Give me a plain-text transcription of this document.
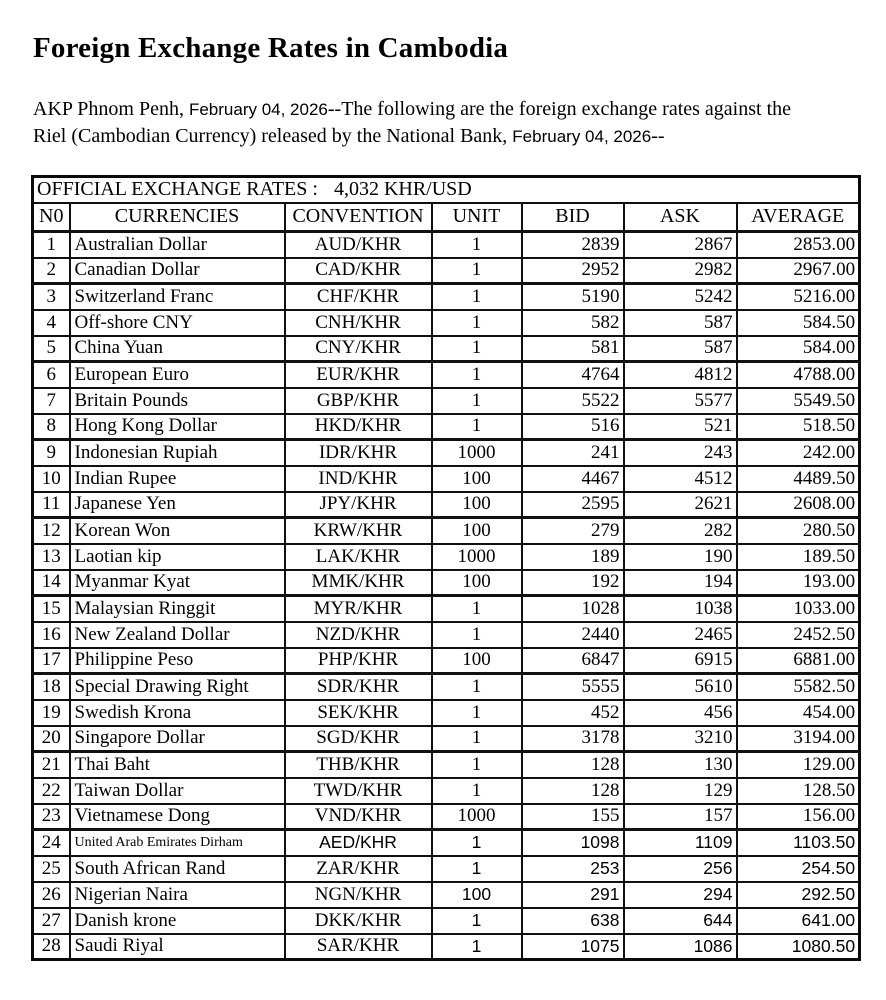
Foreign Exchange Rates in Cambodia

AKP Phnom Penh, February 04, 2026--The following are the foreign exchange rates against the
Riel (Cambodian Currency) released by the National Bank, February 04, 2026--

OFFICIAL EXCHANGE RATES : 4,032 KHR/USD						
N0	CURRENCIES	CONVENTION	UNIT	BID	ASK	AVERAGE
1	Australian Dollar	AUD/KHR	1	2839	2867	2853.00
2	Canadian Dollar	CAD/KHR	1	2952	2982	2967.00
3	Switzerland Franc	CHF/KHR	1	5190	5242	5216.00
4	Off-shore CNY	CNH/KHR	1	582	587	584.50
5	China Yuan	CNY/KHR	1	581	587	584.00
6	European Euro	EUR/KHR	1	4764	4812	4788.00
7	Britain Pounds	GBP/KHR	1	5522	5577	5549.50
8	Hong Kong Dollar	HKD/KHR	1	516	521	518.50
9	Indonesian Rupiah	IDR/KHR	1000	241	243	242.00
10	Indian Rupee	IND/KHR	100	4467	4512	4489.50
11	Japanese Yen	JPY/KHR	100	2595	2621	2608.00
12	Korean Won	KRW/KHR	100	279	282	280.50
13	Laotian kip	LAK/KHR	1000	189	190	189.50
14	Myanmar Kyat	MMK/KHR	100	192	194	193.00
15	Malaysian Ringgit	MYR/KHR	1	1028	1038	1033.00
16	New Zealand Dollar	NZD/KHR	1	2440	2465	2452.50
17	Philippine Peso	PHP/KHR	100	6847	6915	6881.00
18	Special Drawing Right	SDR/KHR	1	5555	5610	5582.50
19	Swedish Krona	SEK/KHR	1	452	456	454.00
20	Singapore Dollar	SGD/KHR	1	3178	3210	3194.00
21	Thai Baht	THB/KHR	1	128	130	129.00
22	Taiwan Dollar	TWD/KHR	1	128	129	128.50
23	Vietnamese Dong	VND/KHR	1000	155	157	156.00
24	United Arab Emirates Dirham	AED/KHR	1	1098	1109	1103.50
25	South African Rand	ZAR/KHR	1	253	256	254.50
26	Nigerian Naira	NGN/KHR	100	291	294	292.50
27	Danish krone	DKK/KHR	1	638	644	641.00
28	Saudi Riyal	SAR/KHR	1	1075	1086	1080.50
